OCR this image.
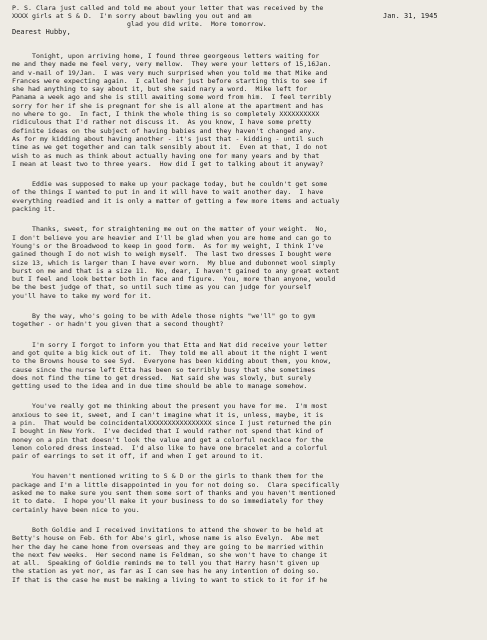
P. S. Clara just called and told me about your letter that was received by the
XXXX girls at S & D.  I'm sorry about bawling you out and am
glad you did write.  More tomorrow.
Jan. 31, 1945
Dearest Hubby,
Tonight, upon arriving home, I found three georgeous letters waiting for
me and they made me feel very, very mellow.  They were your letters of 15,16Jan.
and v-mail of 19/Jan.  I was very much surprised when you told me that Mike and
Frances were expecting again.  I called her just before starting this to see if
she had anything to say about it, but she said nary a word.  Mike left for
Panama a week ago and she is still awaiting some word from him.  I feel terribly
sorry for her if she is pregnant for she is all alone at the apartment and has
no where to go.  In fact, I think the whole thing is so completely XXXXXXXXXX
ridiculous that I'd rather not discuss it.  As you know, I have some pretty
definite ideas on the subject of having babies and they haven't changed any.
As for my kidding about having another - it's just that - kidding - until such
time as we get together and can talk sensibly about it.  Even at that, I do not
wish to as much as think about actually having one for many years and by that
I mean at least two to three years.  How did I get to talking about it anyway?
Eddie was supposed to make up your package today, but he couldn't get some
of the things I wanted to put in and it will have to wait another day.  I have
everything readied and it is only a matter of getting a few more items and actualy
packing it.
Thanks, sweet, for straightening me out on the matter of your weight.  No,
I don't believe you are heavier and I'll be glad when you are home and can go to
Young's or the Broadwood to keep in good form.  As for my weight, I think I've
gained though I do not wish to weigh myself.  The last two dresses I bought were
size 13, which is larger than I have ever worn.  My blue and dubonnet wool simply
burst on me and that is a size 11.  No, dear, I haven't gained to any great extent
but I feel and look better both in face and figure.  You, more than anyone, would
be the best judge of that, so until such time as you can judge for yourself
you'll have to take my word for it.
By the way, who's going to be with Adele those nights "we'll" go to gym
together - or hadn't you given that a second thought?
I'm sorry I forgot to inform you that Etta and Nat did receive your letter
and got quite a big kick out of it.  They told me all about it the night I went
to the Browns house to see Syd.  Everyone has been kidding about them, you know,
cause since the nurse left Etta has been so terribly busy that she sometimes
does not find the time to get dressed.  Nat said she was slowly, but surely
getting used to the idea and in due time should be able to manage somehow.
You've really got me thinking about the present you have for me.  I'm most
anxious to see it, sweet, and I can't imagine what it is, unless, maybe, it is
a pin.  That would be coincidentalXXXXXXXXXXXXXXXX since I just returned the pin
I bought in New York.  I've decided that I would rather not spend that kind of
money on a pin that doesn't look the value and get a colorful necklace for the
lemon colored dress instead.  I'd also like to have one bracelet and a colorful
pair of earrings to set it off, if and when I get around to it.
You haven't mentioned writing to S & D or the girls to thank them for the
package and I'm a little disappointed in you for not doing so.  Clara specifically
asked me to make sure you sent them some sort of thanks and you haven't mentioned
it to date.  I hope you'll make it your business to do so immediately for they
certainly have been nice to you.
Both Goldie and I received invitations to attend the shower to be held at
Betty's house on Feb. 6th for Abe's girl, whose name is also Evelyn.  Abe met
her the day he came home from overseas and they are going to be married within
the next few weeks.  Her second name is Feldman, so she won't have to change it
at all.  Speaking of Goldie reminds me to tell you that Harry hasn't given up
the station as yet nor, as far as I can see has he any intention of doing so.
If that is the case he must be making a living to want to stick to it for if he
